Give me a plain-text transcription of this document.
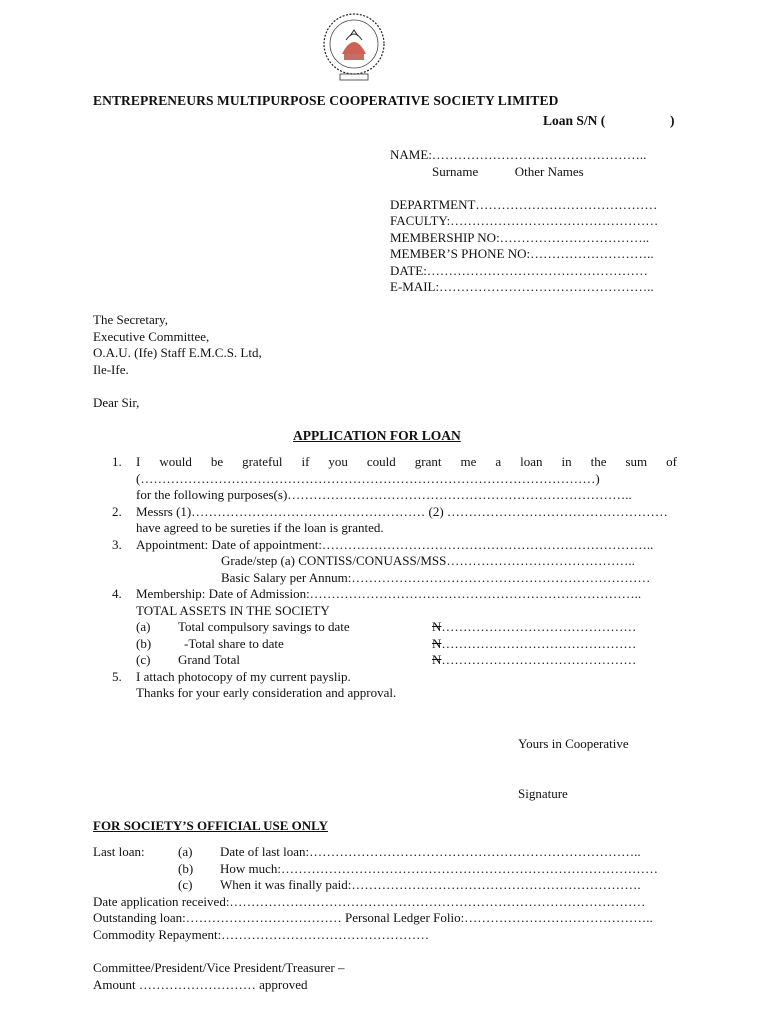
ENTREPRENEURS MULTIPURPOSE COOPERATIVE SOCIETY LIMITED
Loan S/N (	)
NAME:…………………………………………..
DEPARTMENT……………………………………
FACULTY:…………………………………………
MEMBERSHIP NO:……………………………..
MEMBER’S PHONE NO:………………………..
DATE:……………………………………………
E-MAIL:…………………………………………..
Surname	Other Names
The Secretary,
Executive Committee,
O.A.U. (Ife) Staff E.M.C.S. Ltd,
Ile-Ife.
Dear Sir,
APPLICATION FOR LOAN
1. I would be grateful if you could grant me a loan in the sum of
(……………………………………………………………………………………………)
for the following purposes(s)……………………………………………………………………..
2. Messrs (1)……………………………………………… (2) ……………………………………………
have agreed to be sureties if the loan is granted.
3. Appointment: Date of appointment:…………………………………………………………………..
Grade/step (a) CONTISS/CONUASS/MSS……………………………………..
Basic Salary per Annum:……………………………………………………………
4. Membership: Date of Admission:…………………………………………………………………..
TOTAL ASSETS IN THE SOCIETY
(a) Total compulsory savings to date	N………………………………………
(b)	-Total share to date	N………………………………………
(c) Grand Total	N………………………………………
5. I attach photocopy of my current payslip.
Thanks for your early consideration and approval.
Yours in Cooperative
Signature
FOR SOCIETY’S OFFICIAL USE ONLY
Last loan:	(a) Date of last loan:…………………………………………………………………..
(b) How much:……………………………………………………………………………
(c) When it was finally paid:………………………………………………………….
Date application received:……………………………………………………………………………………
Outstanding loan:……………………………… Personal Ledger Folio:……………………………………..
Commodity Repayment:…………………………………………
Committee/President/Vice President/Treasurer –
Amount ……………………… approved
